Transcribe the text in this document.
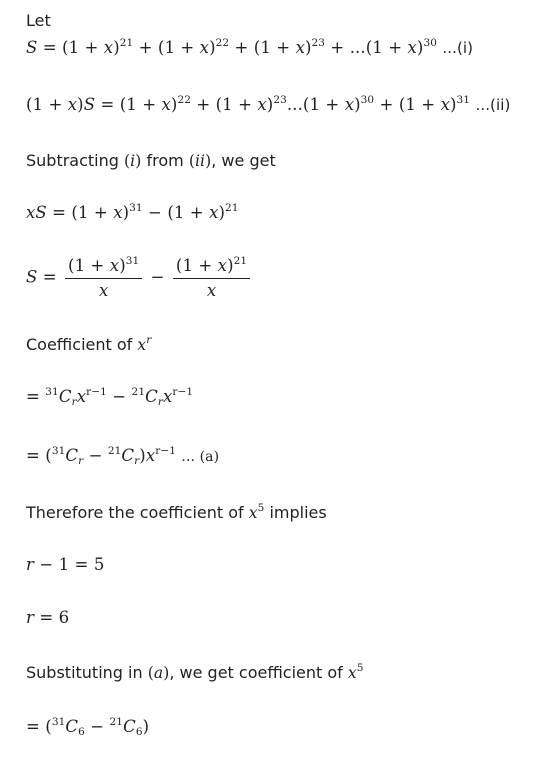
Let
$S = (1 + x)^{21} + (1 + x)^{22} + (1 + x)^{23} + ...(1 + x)^{30}$ ...(i)
$(1 + x)S = (1 + x)^{22} + (1 + x)^{23}...(1 + x)^{30} + (1 + x)^{31}$ ...(ii)
Subtracting (i) from (ii), we get
xS = $(1 + x)^{31} - (1 + x)^{21}$
$S = \frac{(1 + x)^{31}}{x} - \frac{(1 + x)^{21}}{x}$
Coefficient of $x^r$
= $^{31}C_rx^{r-1} - ^{21}C_rx^{r-1}$
= $(^{31}C_r - ^{21}C_r)x^{r-1}$ ... (a)
Therefore the coefficient of $x^5$ implies
r − 1 = 5
r = 6
Substituting in (a), we get coefficient of $x^5$
= $(^{31}C_6 - ^{21}C_6)$
